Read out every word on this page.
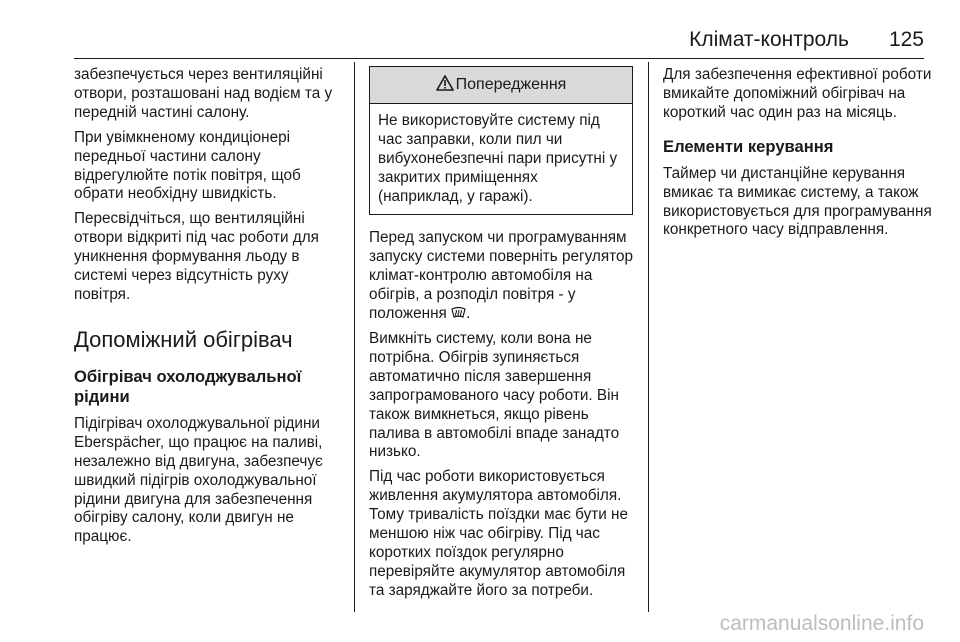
Клімат-контроль 125

забезпечується через вентиляційні отвори, розташовані над водієм та у передній частині салону.

При увімкненому кондиціонері передньої частини салону відрегулюйте потік повітря, щоб обрати необхідну швидкість.

Пересвідчіться, що вентиляційні отвори відкриті під час роботи для уникнення формування льоду в системі через відсутність руху повітря.

Допоміжний обігрівач
Обігрівач охолоджувальної рідини

Підігрівач охолоджувальної рідини Eberspächer, що працює на паливі, незалежно від двигуна, забезпечує швидкий підігрів охолоджувальної рідини двигуна для забезпечення обігріву салону, коли двигун не працює.

Попередження
Не використовуйте систему під час заправки, коли пил чи вибухонебезпечні пари присутні у закритих приміщеннях (наприклад, у гаражі).

Перед запуском чи програмуванням запуску системи поверніть регулятор клімат-контролю автомобіля на обігрів, а розподіл повітря - у положення .

Вимкніть систему, коли вона не потрібна. Обігрів зупиняється автоматично після завершення запрограмованого часу роботи. Він також вимкнеться, якщо рівень палива в автомобілі впаде занадто низько.

Під час роботи використовується живлення акумулятора автомобіля. Тому тривалість поїздки має бути не меншою ніж час обігріву. Під час коротких поїздок регулярно перевіряйте акумулятор автомобіля та заряджайте його за потреби.

Для забезпечення ефективної роботи вмикайте допоміжний обігрівач на короткий час один раз на місяць.

Елементи керування

Таймер чи дистанційне керування вмикає та вимикає систему, а також використовується для програмування конкретного часу відправлення.

carmanualsonline.info
